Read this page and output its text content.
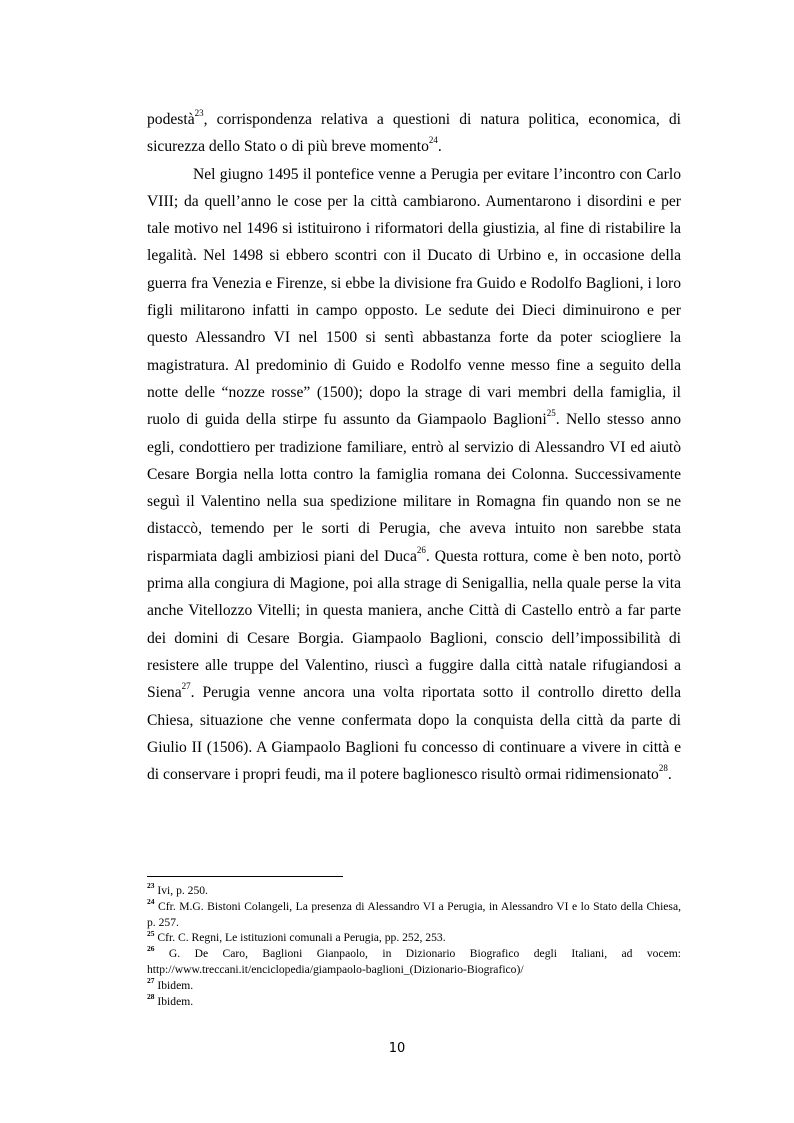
podestà$^{23}$, corrispondenza relativa a questioni di natura politica, economica, di sicurezza dello Stato o di più breve momento$^{24}$.

Nel giugno 1495 il pontefice venne a Perugia per evitare l’incontro con Carlo VIII; da quell’anno le cose per la città cambiarono. Aumentarono i disordini e per tale motivo nel 1496 si istituirono i riformatori della giustizia, al fine di ristabilire la legalità. Nel 1498 si ebbero scontri con il Ducato di Urbino e, in occasione della guerra fra Venezia e Firenze, si ebbe la divisione fra Guido e Rodolfo Baglioni, i loro figli militarono infatti in campo opposto. Le sedute dei Dieci diminuirono e per questo Alessandro VI nel 1500 si sentì abbastanza forte da poter sciogliere la magistratura. Al predominio di Guido e Rodolfo venne messo fine a seguito della notte delle “nozze rosse” (1500); dopo la strage di vari membri della famiglia, il ruolo di guida della stirpe fu assunto da Giampaolo Baglioni$^{25}$. Nello stesso anno egli, condottiero per tradizione familiare, entrò al servizio di Alessandro VI ed aiutò Cesare Borgia nella lotta contro la famiglia romana dei Colonna. Successivamente seguì il Valentino nella sua spedizione militare in Romagna fin quando non se ne distaccò, temendo per le sorti di Perugia, che aveva intuito non sarebbe stata risparmiata dagli ambiziosi piani del Duca$^{26}$. Questa rottura, come è ben noto, portò prima alla congiura di Magione, poi alla strage di Senigallia, nella quale perse la vita anche Vitellozzo Vitelli; in questa maniera, anche Città di Castello entrò a far parte dei domini di Cesare Borgia. Giampaolo Baglioni, conscio dell’impossibilità di resistere alle truppe del Valentino, riuscì a fuggire dalla città natale rifugiandosi a Siena$^{27}$. Perugia venne ancora una volta riportata sotto il controllo diretto della Chiesa, situazione che venne confermata dopo la conquista della città da parte di Giulio II (1506). A Giampaolo Baglioni fu concesso di continuare a vivere in città e di conservare i propri feudi, ma il potere baglionesco risultò ormai ridimensionato$^{28}$.

$^{23}$ Ivi, p. 250.

$^{24}$ Cfr. M.G. Bistoni Colangeli, La presenza di Alessandro VI a Perugia, in Alessandro VI e lo Stato della Chiesa, p. 257.

$^{25}$ Cfr. C. Regni, Le istituzioni comunali a Perugia, pp. 252, 253.

$^{26}$ G. De Caro, Baglioni Gianpaolo, in Dizionario Biografico degli Italiani, ad vocem: http://www.treccani.it/enciclopedia/giampaolo-baglioni_(Dizionario-Biografico)/

$^{27}$ Ibidem.

$^{28}$ Ibidem.

10
